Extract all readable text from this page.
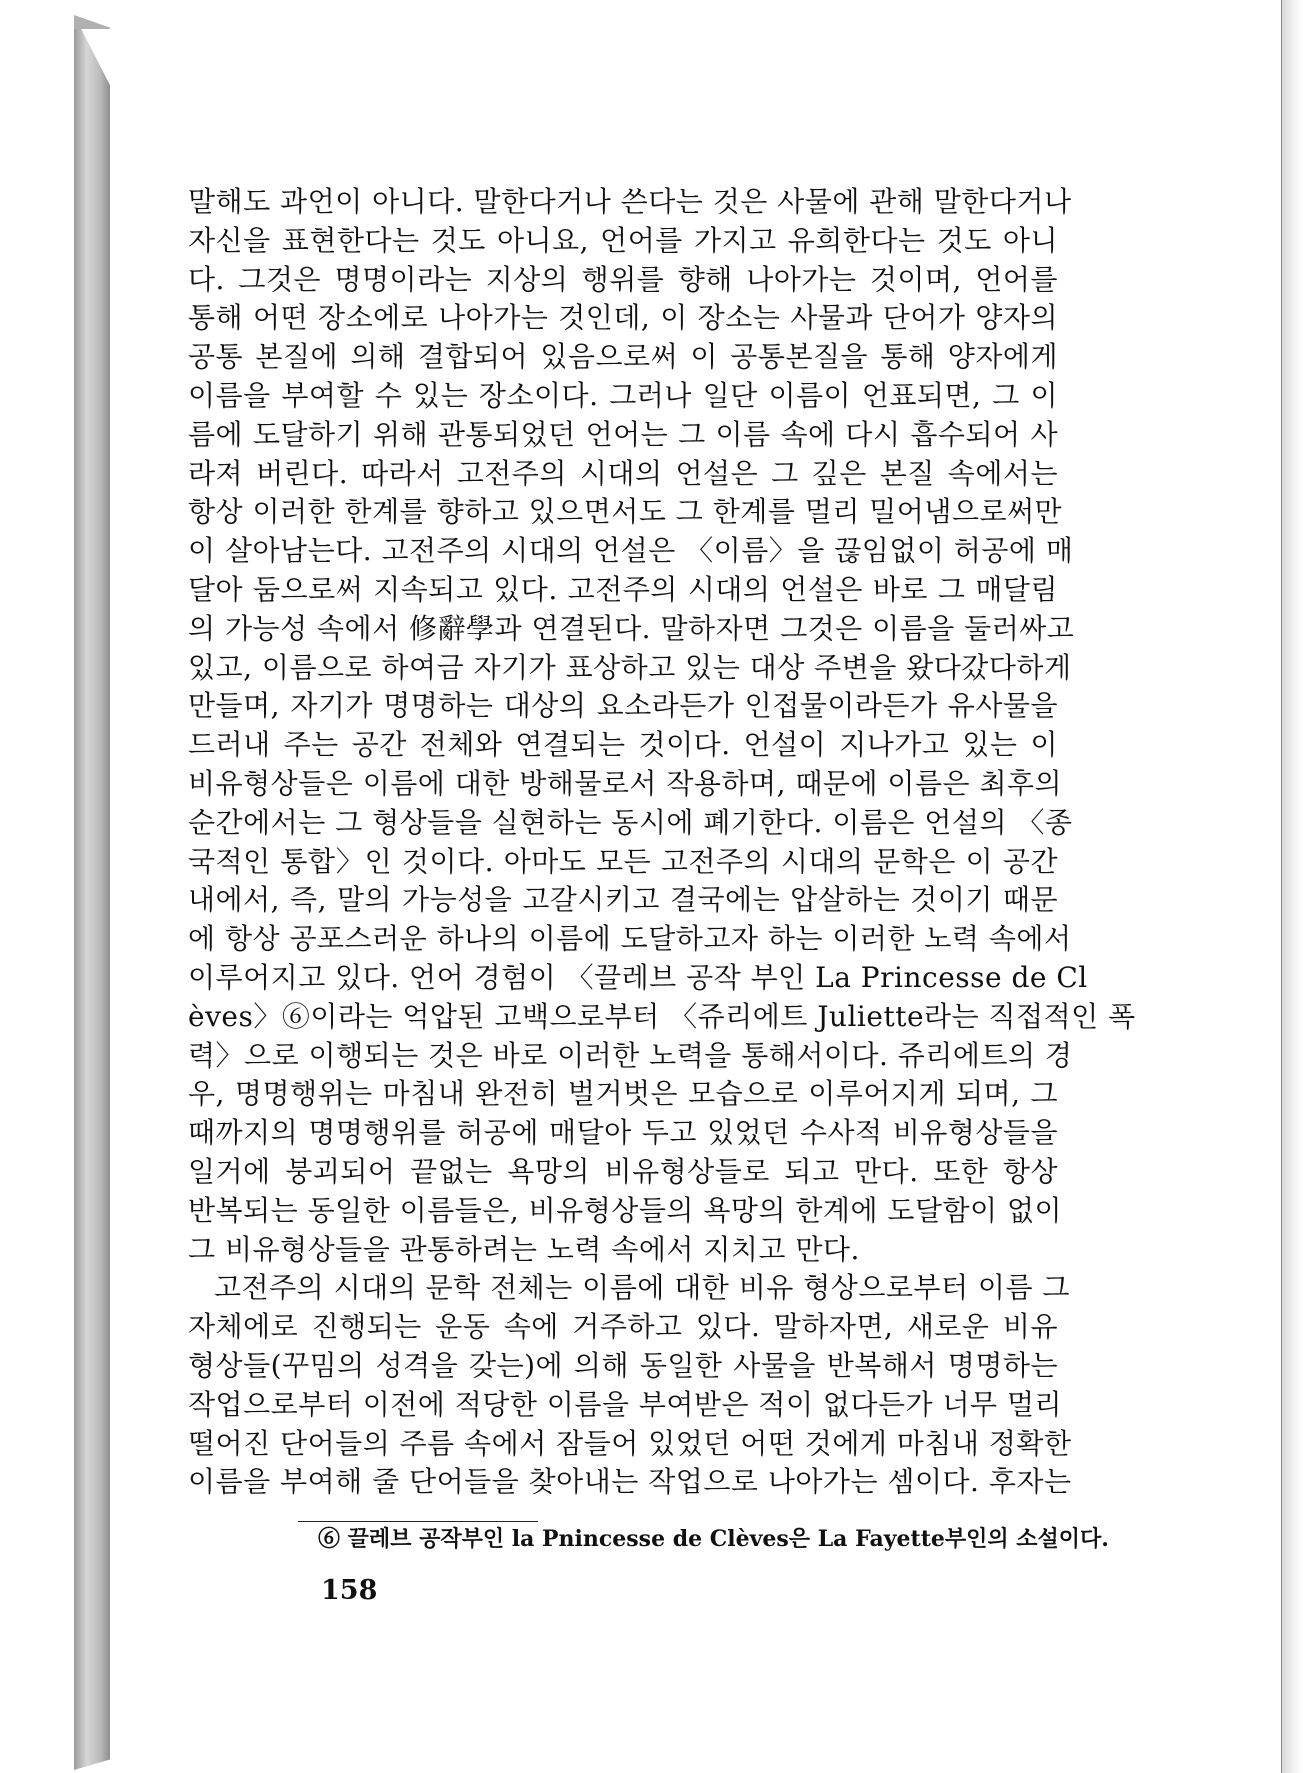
말해도 과언이 아니다. 말한다거나 쓴다는 것은 사물에 관해 말한다거나
자신을 표현한다는 것도 아니요, 언어를 가지고 유희한다는 것도 아니
다. 그것은 명명이라는 지상의 행위를 향해 나아가는 것이며, 언어를
통해 어떤 장소에로 나아가는 것인데, 이 장소는 사물과 단어가 양자의
공통 본질에 의해 결합되어 있음으로써 이 공통본질을 통해 양자에게
이름을 부여할 수 있는 장소이다. 그러나 일단 이름이 언표되면, 그 이
름에 도달하기 위해 관통되었던 언어는 그 이름 속에 다시 흡수되어 사
라져 버린다. 따라서 고전주의 시대의 언설은 그 깊은 본질 속에서는
항상 이러한 한계를 향하고 있으면서도 그 한계를 멀리 밀어냄으로써만
이 살아남는다. 고전주의 시대의 언설은 〈이름〉을 끊임없이 허공에 매
달아 둠으로써 지속되고 있다. 고전주의 시대의 언설은 바로 그 매달림
의 가능성 속에서 修辭學과 연결된다. 말하자면 그것은 이름을 둘러싸고
있고, 이름으로 하여금 자기가 표상하고 있는 대상 주변을 왔다갔다하게
만들며, 자기가 명명하는 대상의 요소라든가 인접물이라든가 유사물을
드러내 주는 공간 전체와 연결되는 것이다. 언설이 지나가고 있는 이
비유형상들은 이름에 대한 방해물로서 작용하며, 때문에 이름은 최후의
순간에서는 그 형상들을 실현하는 동시에 폐기한다. 이름은 언설의 〈종
국적인 통합〉인 것이다. 아마도 모든 고전주의 시대의 문학은 이 공간
내에서, 즉, 말의 가능성을 고갈시키고 결국에는 압살하는 것이기 때문
에 항상 공포스러운 하나의 이름에 도달하고자 하는 이러한 노력 속에서
이루어지고 있다. 언어 경험이 〈끌레브 공작 부인 La Princesse de Cl
èves〉⑥이라는 억압된 고백으로부터 〈쥬리에트 Juliette라는 직접적인 폭
력〉으로 이행되는 것은 바로 이러한 노력을 통해서이다. 쥬리에트의 경
우, 명명행위는 마침내 완전히 벌거벗은 모습으로 이루어지게 되며, 그
때까지의 명명행위를 허공에 매달아 두고 있었던 수사적 비유형상들을
일거에 붕괴되어 끝없는 욕망의 비유형상들로 되고 만다. 또한 항상
반복되는 동일한 이름들은, 비유형상들의 욕망의 한계에 도달함이 없이
그 비유형상들을 관통하려는 노력 속에서 지치고 만다.
고전주의 시대의 문학 전체는 이름에 대한 비유 형상으로부터 이름 그
자체에로 진행되는 운동 속에 거주하고 있다. 말하자면, 새로운 비유
형상들(꾸밈의 성격을 갖는)에 의해 동일한 사물을 반복해서 명명하는
작업으로부터 이전에 적당한 이름을 부여받은 적이 없다든가 너무 멀리
떨어진 단어들의 주름 속에서 잠들어 있었던 어떤 것에게 마침내 정확한
이름을 부여해 줄 단어들을 찾아내는 작업으로 나아가는 셈이다. 후자는
⑥ 끌레브 공작부인 la Pnincesse de Clèves은 La Fayette부인의 소설이다.
158
